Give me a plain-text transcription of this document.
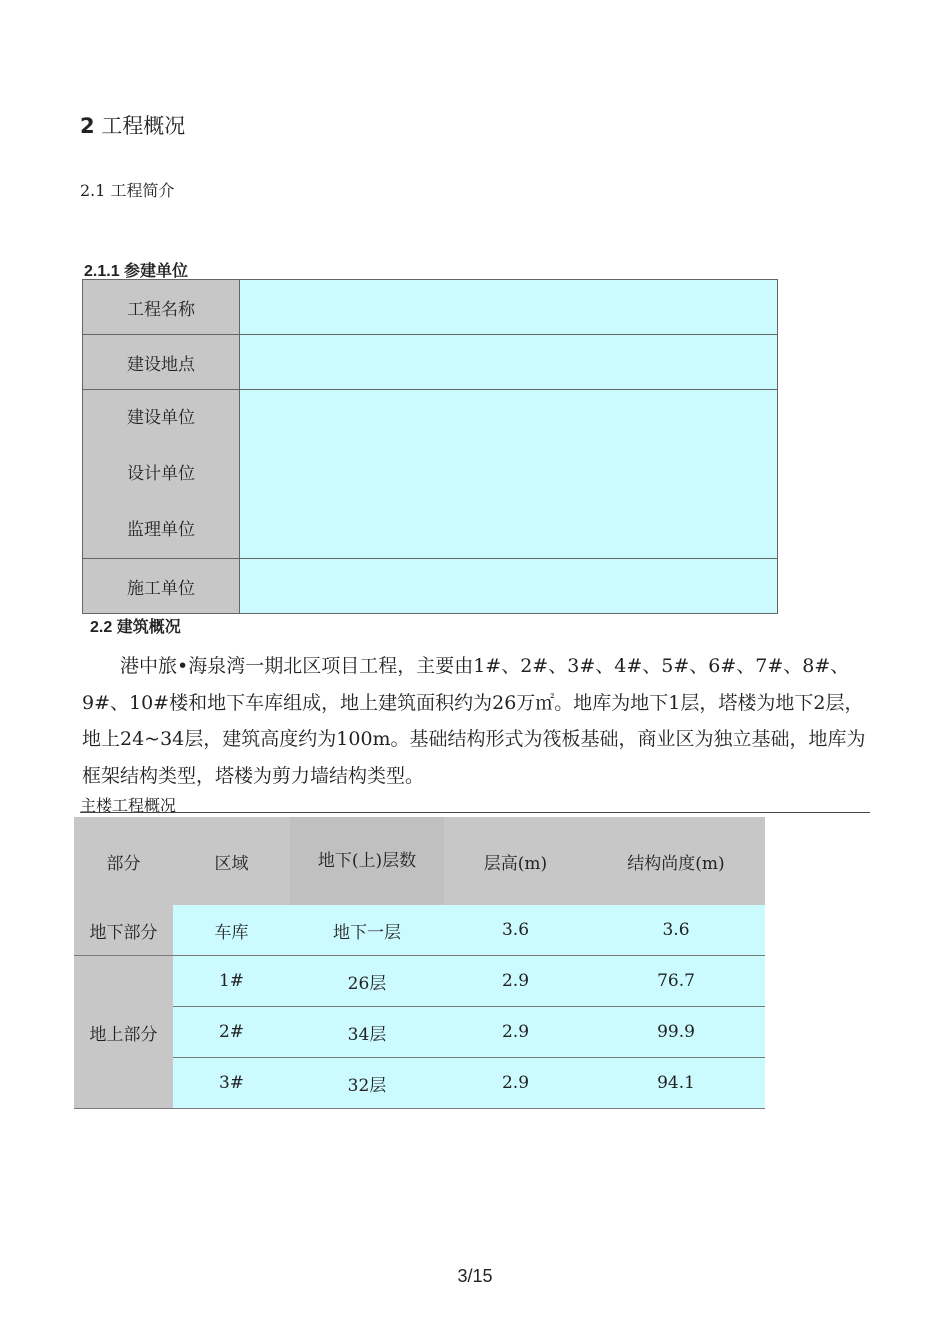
2 工程概况
2.1 工程简介
2.1.1 参建单位
工程名称	
建设地点	

建设单位
设计单位
监理单位	

施工单位	
2.2 建筑概况

港中旅•海泉湾一期北区项目工程，主要由1#、2#、3#、4#、5#、6#、7#、8#、9#、10#楼和地下车库组成，地上建筑面积约为26万㎡。地库为地下1层，塔楼为地下2层，地上24~34层，建筑高度约为100m。基础结构形式为筏板基础，商业区为独立基础，地库为框架结构类型，塔楼为剪力墙结构类型。

主楼工程概况
部分	区域	地下(上)层数	层高(m)	结构尚度(m)
地下部分	车库	地下一层	3.6	3.6
地上部分	1#	26层	2.9	76.7
	2#	34层	2.9	99.9
	3#	32层	2.9	94.1
3/15
